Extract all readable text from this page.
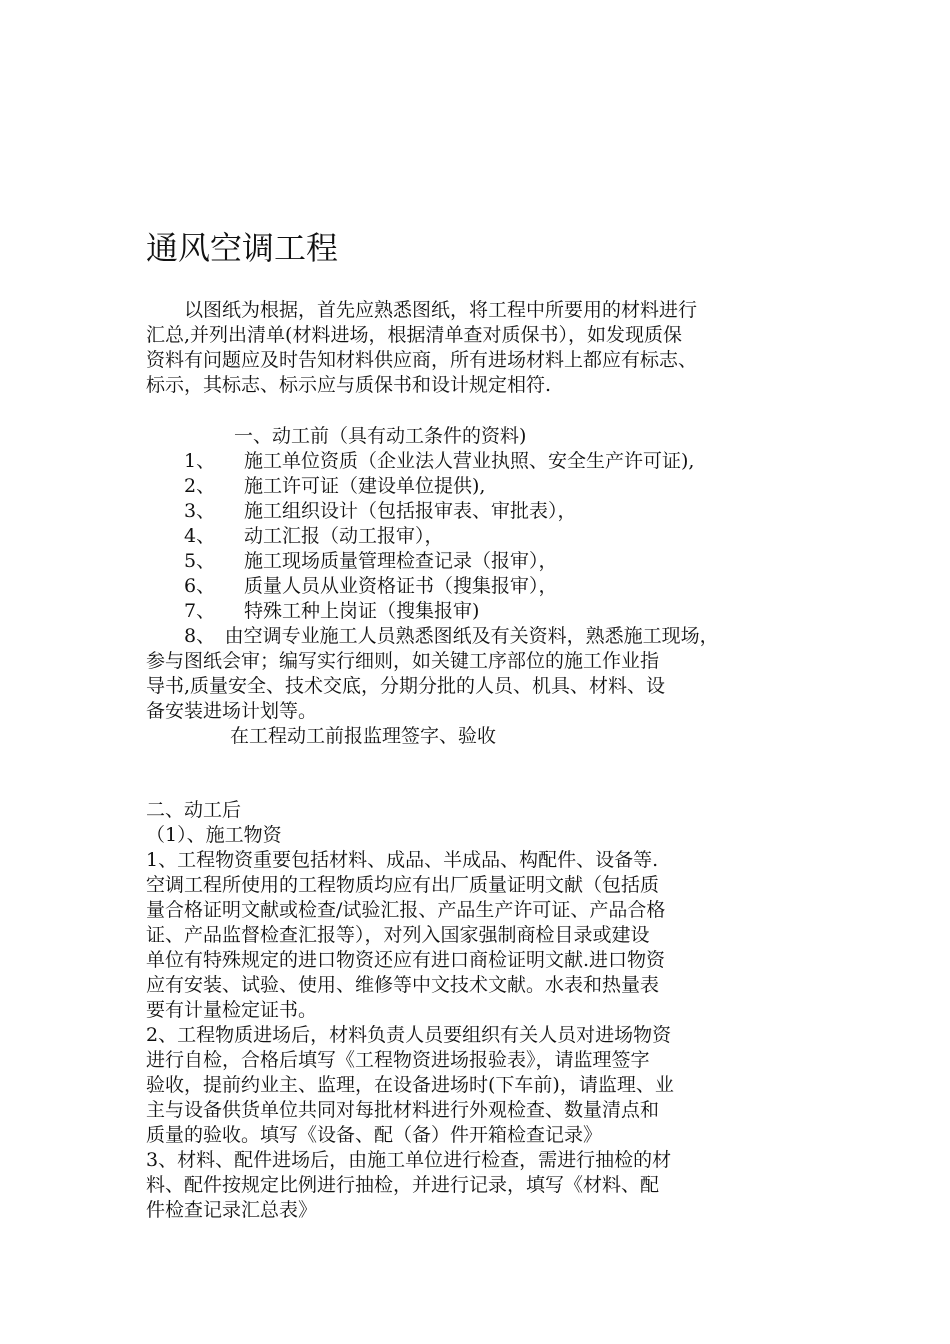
通风空调工程
以图纸为根据，首先应熟悉图纸，将工程中所要用的材料进行
汇总,并列出清单(材料进场，根据清单查对质保书），如发现质保
资料有问题应及时告知材料供应商，所有进场材料上都应有标志、
标示，其标志、标示应与质保书和设计规定相符.
一、动工前（具有动工条件的资料)
1、 施工单位资质（企业法人营业执照、安全生产许可证),
2、 施工许可证（建设单位提供),
3、 施工组织设计（包括报审表、审批表），
4、 动工汇报（动工报审），
5、 施工现场质量管理检查记录（报审），
6、 质量人员从业资格证书（搜集报审），
7、 特殊工种上岗证（搜集报审)
8、　由空调专业施工人员熟悉图纸及有关资料，熟悉施工现场，
参与图纸会审；编写实行细则，如关键工序部位的施工作业指
导书,质量安全、技术交底，分期分批的人员、机具、材料、设
备安装进场计划等。
在工程动工前报监理签字、验收
二、动工后
（1）、施工物资
1、工程物资重要包括材料、成品、半成品、构配件、设备等.
空调工程所使用的工程物质均应有出厂质量证明文献（包括质
量合格证明文献或检查/试验汇报、产品生产许可证、产品合格
证、产品监督检查汇报等），对列入国家强制商检目录或建设
单位有特殊规定的进口物资还应有进口商检证明文献.进口物资
应有安装、试验、使用、维修等中文技术文献。水表和热量表
要有计量检定证书。
2、工程物质进场后，材料负责人员要组织有关人员对进场物资
进行自检，合格后填写《工程物资进场报验表》，请监理签字
验收，提前约业主、监理，在设备进场时(下车前)，请监理、业
主与设备供货单位共同对每批材料进行外观检查、数量清点和
质量的验收。填写《设备、配（备）件开箱检查记录》
3、材料、配件进场后，由施工单位进行检查，需进行抽检的材
料、配件按规定比例进行抽检，并进行记录，填写《材料、配
件检查记录汇总表》
